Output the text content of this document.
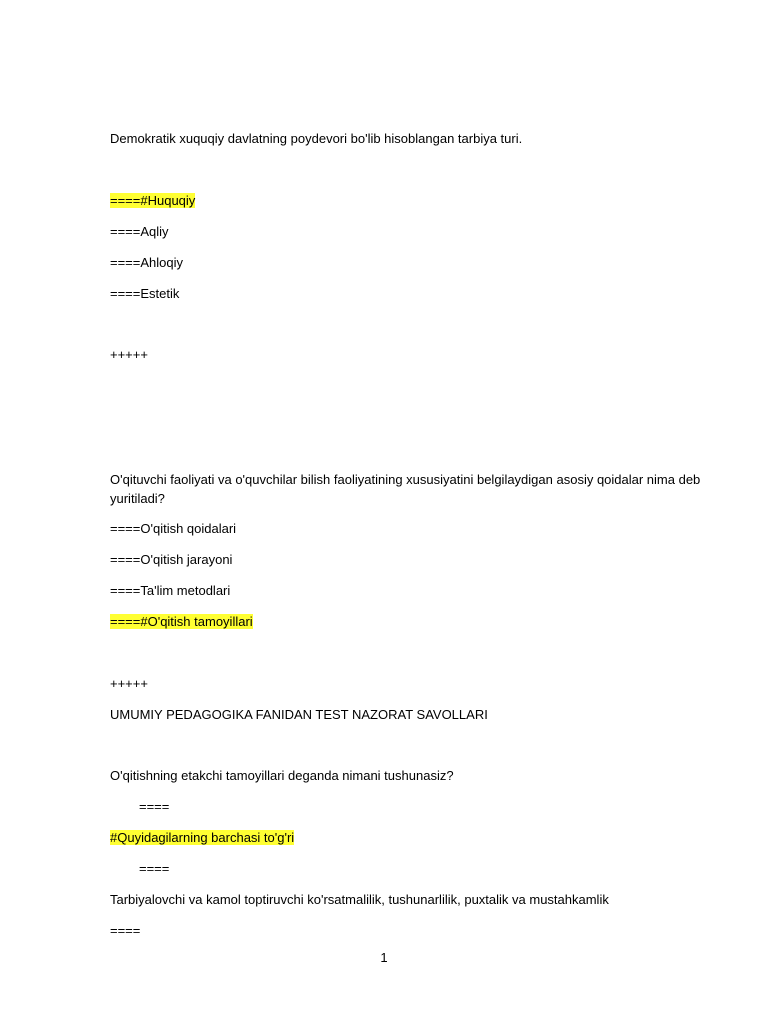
Demokratik xuquqiy davlatning poydevori bo'lib hisoblangan tarbiya turi.
====#Huquqiy
====Aqliy
====Ahloqiy
====Estetik
+++++
O'qituvchi faoliyati va o'quvchilar bilish faoliyatining xususiyatini belgilaydigan asosiy qoidalar nima deb yuritiladi?
====O'qitish qoidalari
====O'qitish jarayoni
====Ta'lim metodlari
====#O'qitish tamoyillari
+++++
UMUMIY PEDAGOGIKA FANIDAN TEST NAZORAT SAVOLLARI
O'qitishning etakchi tamoyillari deganda nimani tushunasiz?
====
#Quyidagilarning barchasi to'g'ri
====
Tarbiyalovchi va kamol toptiruvchi ko'rsatmalilik, tushunarlilik, puxtalik va mustahkamlik
====
1
